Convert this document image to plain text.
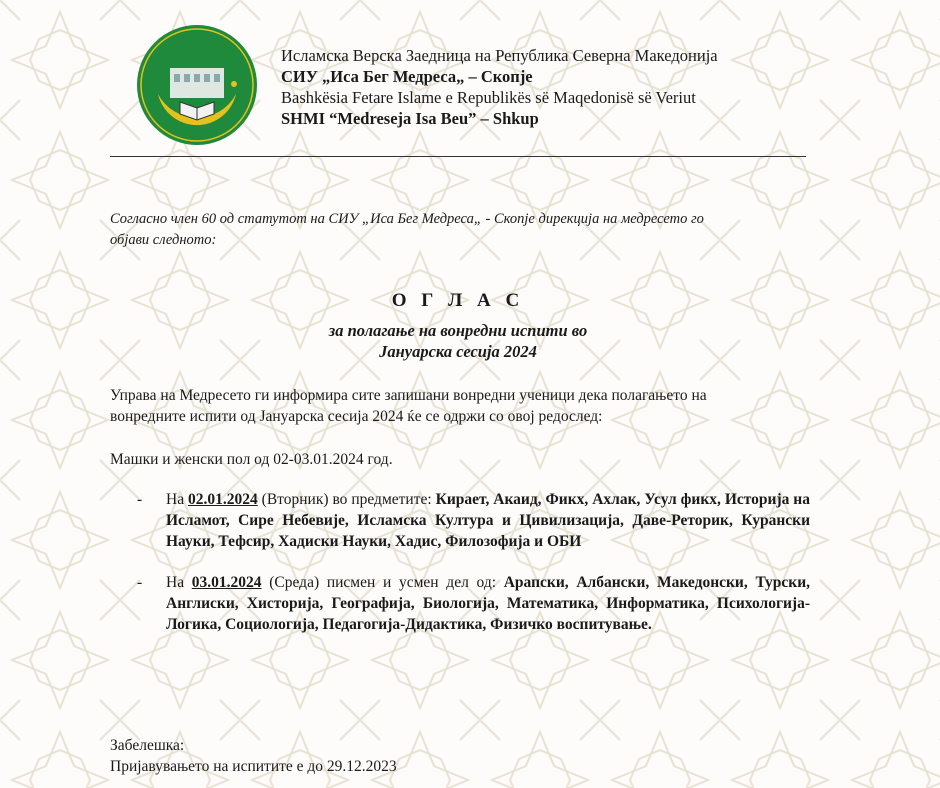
Исламска Верска Заедница на Република Северна Македонија
СИУ „Иса Бег Медреса„ – Скопје
Bashkësia Fetare Islame e Republikës së Maqedonisë së Veriut
SHMI “Medreseja Isa Beu” – Shkup
Согласно член 60 од статутот на СИУ „Иса Бег Медреса„ - Скопје дирекција на медресето го
објави следното:
О Г Л А С
за полагање на вонредни испити во
Јануарска сесија 2024
Управа на Медресето ги информира сите запишани вонредни ученици дека полагањето на
вонредните испити од Јануарска сесија 2024 ќе се одржи со овој редослед:
Машки и женски пол од 02-03.01.2024 год.
- На 02.01.2024 (Вторник) во предметите: Кирает, Акаид, Фикх, Ахлак, Усул фикх, Историја на Исламот, Сире Небевије, Исламска Култура и Цивилизација, Даве-Реторик, Курански Науки, Тефсир, Хадиски Науки, Хадис, Филозофија и ОБИ
- На 03.01.2024 (Среда) писмен и усмен дел од: Арапски, Албански, Македонски, Турски, Англиски, Хисторија, Географија, Биологија, Математика, Информатика, Психологија-Логика, Социологија, Педагогија-Дидактика, Физичко воспитување.
Забелешка:
Пријавувањето на испитите е до 29.12.2023
